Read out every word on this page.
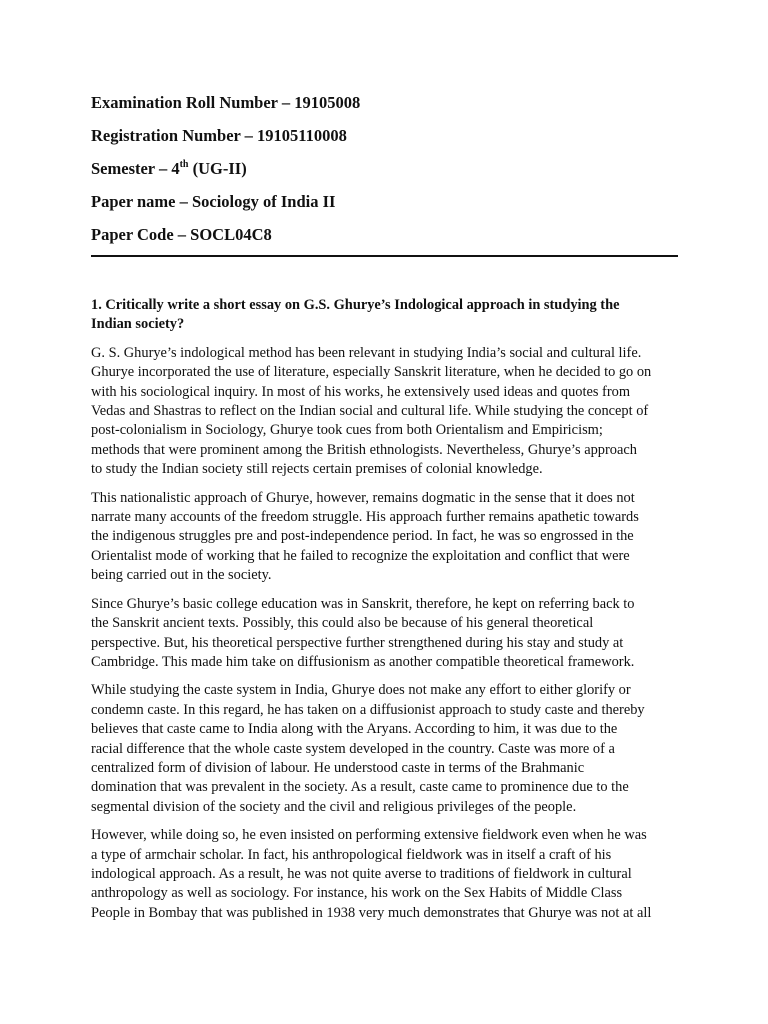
Examination Roll Number – 19105008
Registration Number – 19105110008
Semester – 4th (UG-II)
Paper name – Sociology of India II
Paper Code – SOCL04C8
1. Critically write a short essay on G.S. Ghurye’s Indological approach in studying the
Indian society?
G. S. Ghurye’s indological method has been relevant in studying India’s social and cultural life.
Ghurye incorporated the use of literature, especially Sanskrit literature, when he decided to go on
with his sociological inquiry. In most of his works, he extensively used ideas and quotes from
Vedas and Shastras to reflect on the Indian social and cultural life. While studying the concept of
post-colonialism in Sociology, Ghurye took cues from both Orientalism and Empiricism;
methods that were prominent among the British ethnologists. Nevertheless, Ghurye’s approach
to study the Indian society still rejects certain premises of colonial knowledge.
This nationalistic approach of Ghurye, however, remains dogmatic in the sense that it does not
narrate many accounts of the freedom struggle. His approach further remains apathetic towards
the indigenous struggles pre and post-independence period. In fact, he was so engrossed in the
Orientalist mode of working that he failed to recognize the exploitation and conflict that were
being carried out in the society.
Since Ghurye’s basic college education was in Sanskrit, therefore, he kept on referring back to
the Sanskrit ancient texts. Possibly, this could also be because of his general theoretical
perspective. But, his theoretical perspective further strengthened during his stay and study at
Cambridge. This made him take on diffusionism as another compatible theoretical framework.
While studying the caste system in India, Ghurye does not make any effort to either glorify or
condemn caste. In this regard, he has taken on a diffusionist approach to study caste and thereby
believes that caste came to India along with the Aryans. According to him, it was due to the
racial difference that the whole caste system developed in the country. Caste was more of a
centralized form of division of labour. He understood caste in terms of the Brahmanic
domination that was prevalent in the society. As a result, caste came to prominence due to the
segmental division of the society and the civil and religious privileges of the people.
However, while doing so, he even insisted on performing extensive fieldwork even when he was
a type of armchair scholar. In fact, his anthropological fieldwork was in itself a craft of his
indological approach. As a result, he was not quite averse to traditions of fieldwork in cultural
anthropology as well as sociology. For instance, his work on the Sex Habits of Middle Class
People in Bombay that was published in 1938 very much demonstrates that Ghurye was not at all
